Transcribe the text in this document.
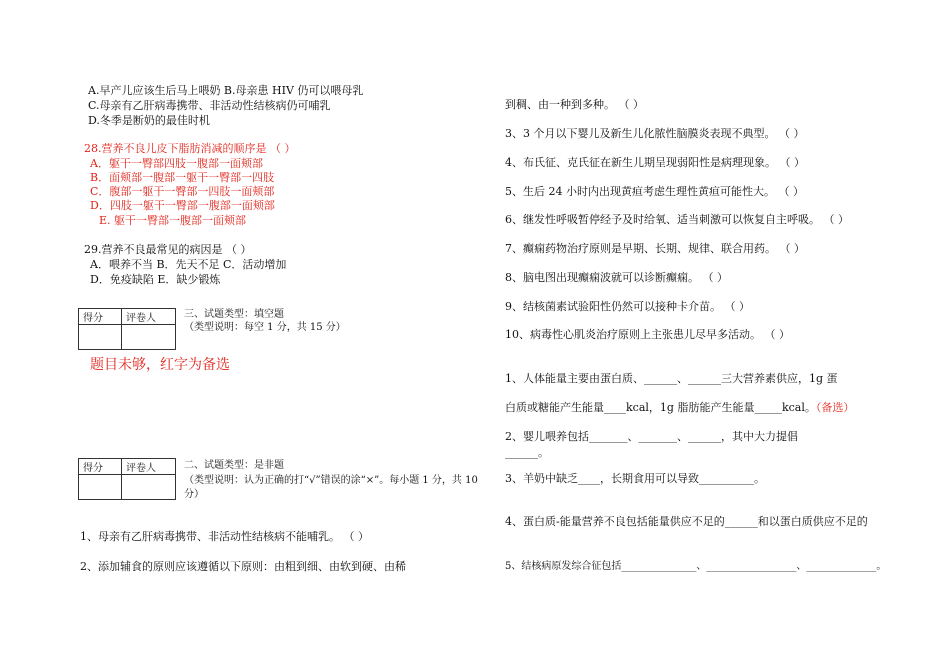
A.早产儿应该生后马上喂奶 B.母亲患 HIV 仍可以喂母乳
C.母亲有乙肝病毒携带、非活动性结核病仍可哺乳
D.冬季是断奶的最佳时机
28.营养不良儿皮下脂肪消减的顺序是 （ ）
A．躯干一臀部四肢一腹部一面颊部
B．面颊部一腹部一躯干一臀部一四肢
C．腹部一躯干一臀部一四肢一面颊部
D．四肢一躯干一臀部一腹部一面颊部
E. 躯干一臀部一腹部一面颊部
29.营养不良最常见的病因是 （ ）
A．喂养不当 B．先天不足 C．活动增加
D．免疫缺陷 E．缺少锻炼
得分	评卷人
		三、试题类型：填空题
（类型说明：每空 1 分，共 15 分）
题目未够，红字为备选
得分	评卷人
		二、试题类型：是非题
（类型说明：认为正确的打“√”错误的涂“×”。每小题 1 分，共 10
分）
1、母亲有乙肝病毒携带、非活动性结核病不能哺乳。 （ ）
2、添加辅食的原则应该遵循以下原则：由粗到细、由软到硬、由稀
到稠、由一种到多种。 （ ）
3、3 个月以下婴儿及新生儿化脓性脑膜炎表现不典型。 （ ）
4、布氏征、克氏征在新生儿期呈现弱阳性是病理现象。 （ ）
5、生后 24 小时内出现黄疸考虑生理性黄疸可能性大。 （ ）
6、继发性呼吸暂停经予及时给氧、适当刺激可以恢复自主呼吸。 （ ）
7、癫痫药物治疗原则是早期、长期、规律、联合用药。 （ ）
8、脑电图出现癫痫波就可以诊断癫痫。 （ ）
9、结核菌素试验阳性仍然可以接种卡介苗。 （ ）
10、病毒性心肌炎治疗原则上主张患儿尽早多活动。 （ ）
1、人体能量主要由蛋白质、______、______三大营养素供应，1g 蛋
白质或糖能产生能量____kcal，1g 脂肪能产生能量_____kcal。（备选）
2、婴儿喂养包括_______、_______、______，其中大力提倡
______。
3、羊奶中缺乏____，长期食用可以导致__________。
4、蛋白质-能量营养不良包括能量供应不足的______和以蛋白质供应不足的
5、结核病原发综合征包括_______________、__________________、______________。
